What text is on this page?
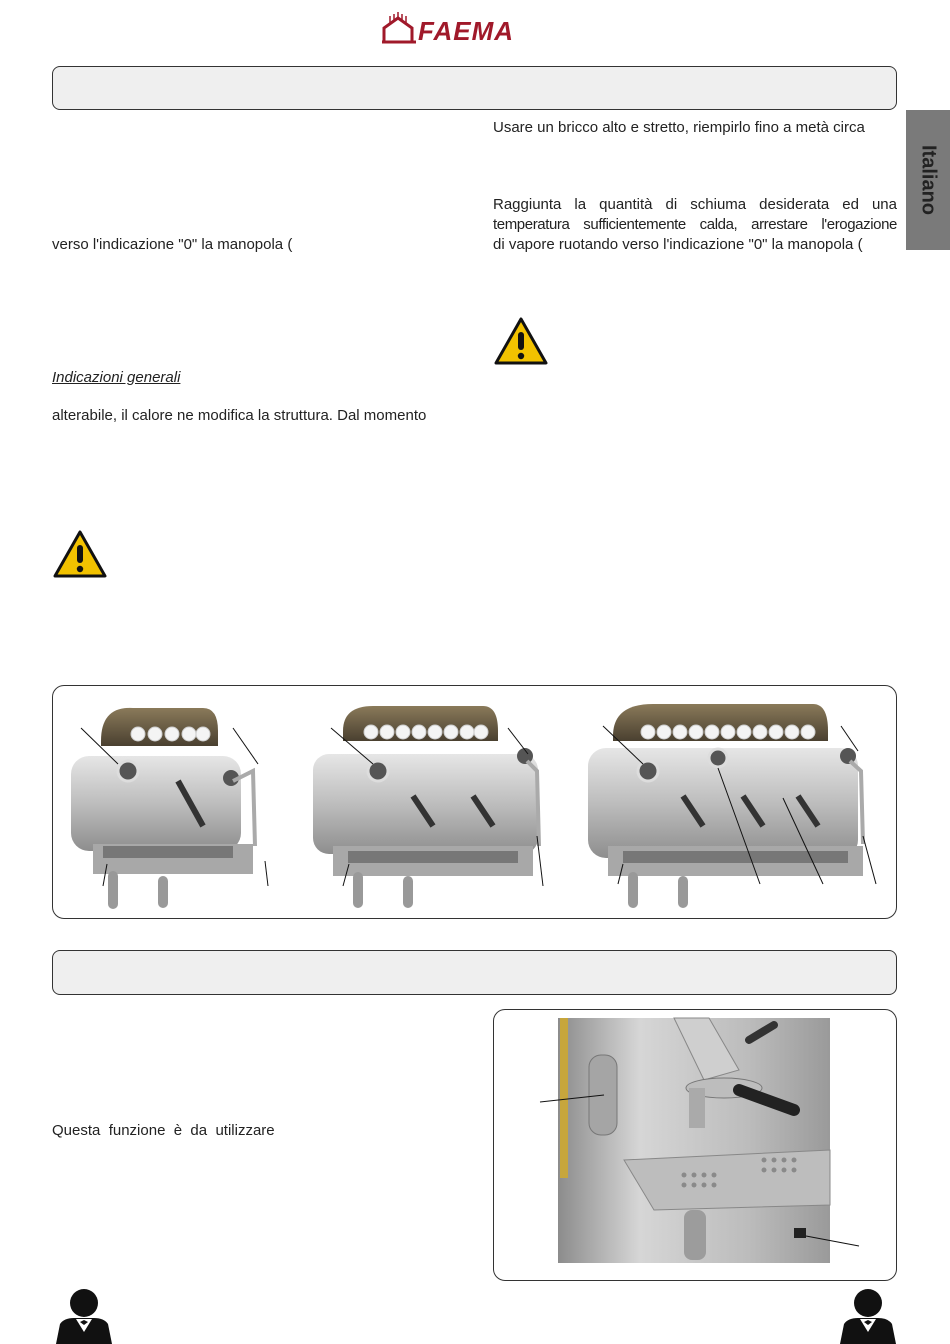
FAEMA
Italiano
Usare un bricco alto e stretto, riempirlo fino a metà circa
Raggiunta la quantità di schiuma desiderata ed una
temperatura sufficientemente calda, arrestare l'erogazione
di vapore ruotando verso l'indicazione "0" la manopola (
verso l'indicazione "0" la manopola (
Indicazioni generali
alterabile, il calore ne modifica la struttura. Dal momento
Questa  funzione  è  da  utilizzare
